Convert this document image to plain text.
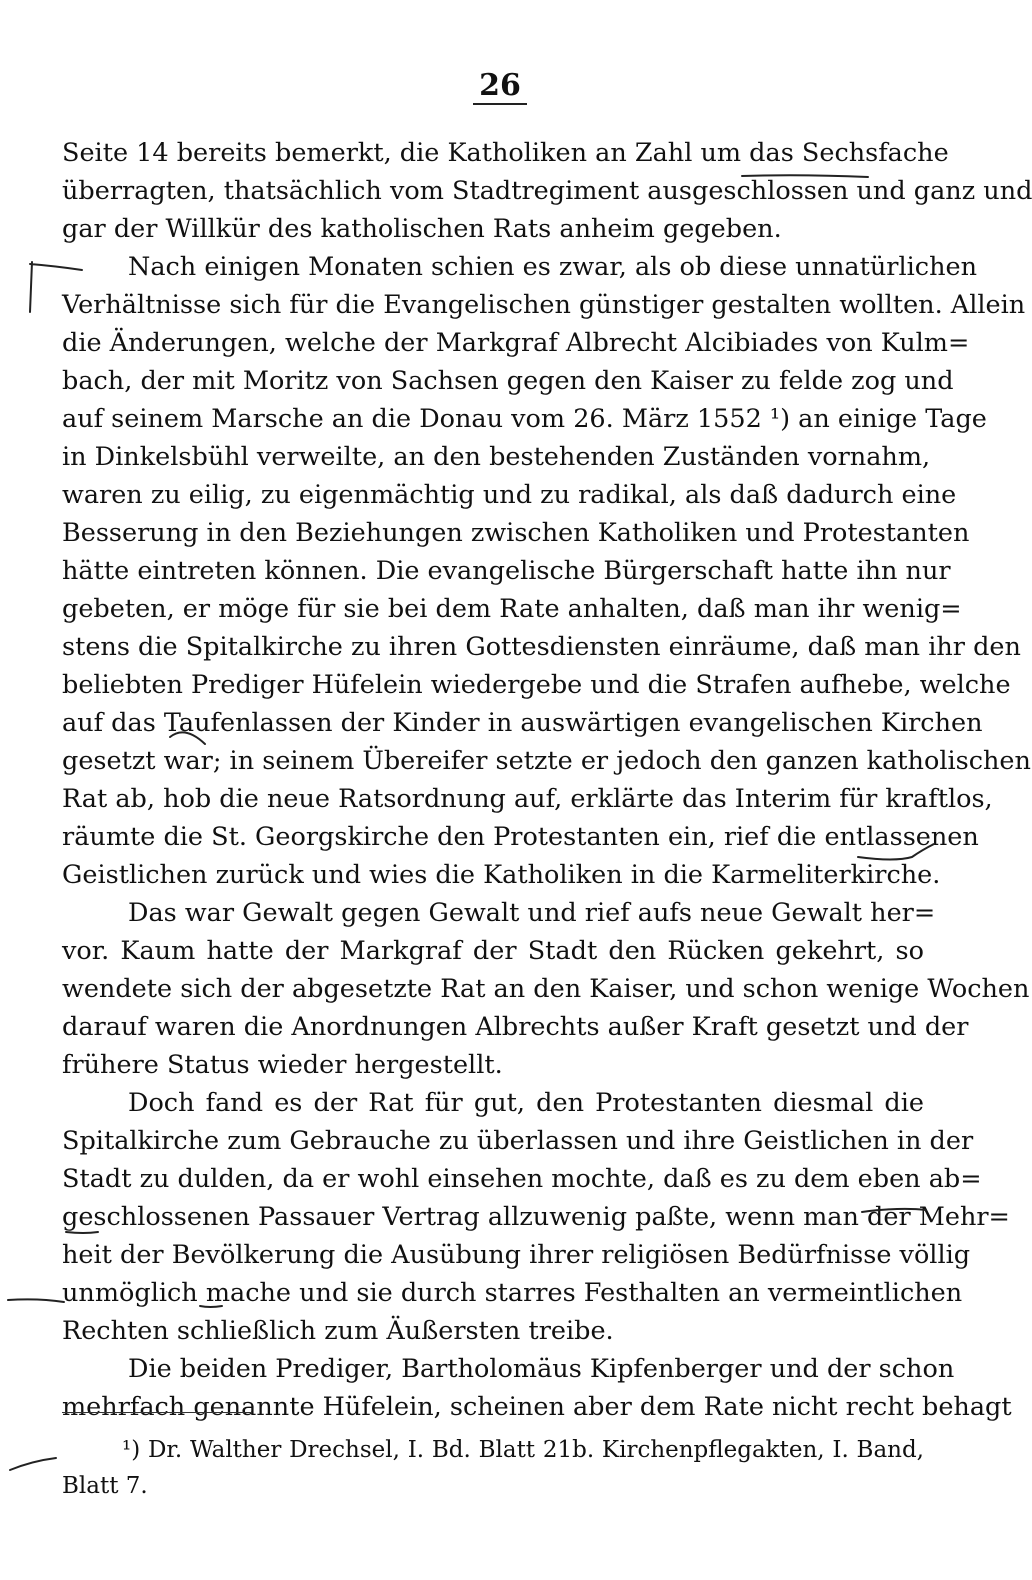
26
Seite 14 bereits bemerkt, die Katholiken an Zahl um das Sechsfache
überragten, thatsächlich vom Stadtregiment ausgeschlossen und ganz und
gar der Willkür des katholischen Rats anheim gegeben.
Nach einigen Monaten schien es zwar, als ob diese unnatürlichen
Verhältnisse sich für die Evangelischen günstiger gestalten wollten. Allein
die Änderungen, welche der Markgraf Albrecht Alcibiades von Kulm=
bach, der mit Moritz von Sachsen gegen den Kaiser zu felde zog und
auf seinem Marsche an die Donau vom 26. März 1552 ¹) an einige Tage
in Dinkelsbühl verweilte, an den bestehenden Zuständen vornahm,
waren zu eilig, zu eigenmächtig und zu radikal, als daß dadurch eine
Besserung in den Beziehungen zwischen Katholiken und Protestanten
hätte eintreten können. Die evangelische Bürgerschaft hatte ihn nur
gebeten, er möge für sie bei dem Rate anhalten, daß man ihr wenig=
stens die Spitalkirche zu ihren Gottesdiensten einräume, daß man ihr den
beliebten Prediger Hüfelein wiedergebe und die Strafen aufhebe, welche
auf das Taufenlassen der Kinder in auswärtigen evangelischen Kirchen
gesetzt war; in seinem Übereifer setzte er jedoch den ganzen katholischen
Rat ab, hob die neue Ratsordnung auf, erklärte das Interim für kraftlos,
räumte die St. Georgskirche den Protestanten ein, rief die entlassenen
Geistlichen zurück und wies die Katholiken in die Karmeliterkirche.
Das war Gewalt gegen Gewalt und rief aufs neue Gewalt her=
vor. Kaum hatte der Markgraf der Stadt den Rücken gekehrt, so
wendete sich der abgesetzte Rat an den Kaiser, und schon wenige Wochen
darauf waren die Anordnungen Albrechts außer Kraft gesetzt und der
frühere Status wieder hergestellt.
Doch fand es der Rat für gut, den Protestanten diesmal die
Spitalkirche zum Gebrauche zu überlassen und ihre Geistlichen in der
Stadt zu dulden, da er wohl einsehen mochte, daß es zu dem eben ab=
geschlossenen Passauer Vertrag allzuwenig paßte, wenn man der Mehr=
heit der Bevölkerung die Ausübung ihrer religiösen Bedürfnisse völlig
unmöglich mache und sie durch starres Festhalten an vermeintlichen
Rechten schließlich zum Äußersten treibe.
Die beiden Prediger, Bartholomäus Kipfenberger und der schon
mehrfach genannte Hüfelein, scheinen aber dem Rate nicht recht behagt
¹) Dr. Walther Drechsel, I. Bd. Blatt 21b. Kirchenpflegakten, I. Band,
Blatt 7.
